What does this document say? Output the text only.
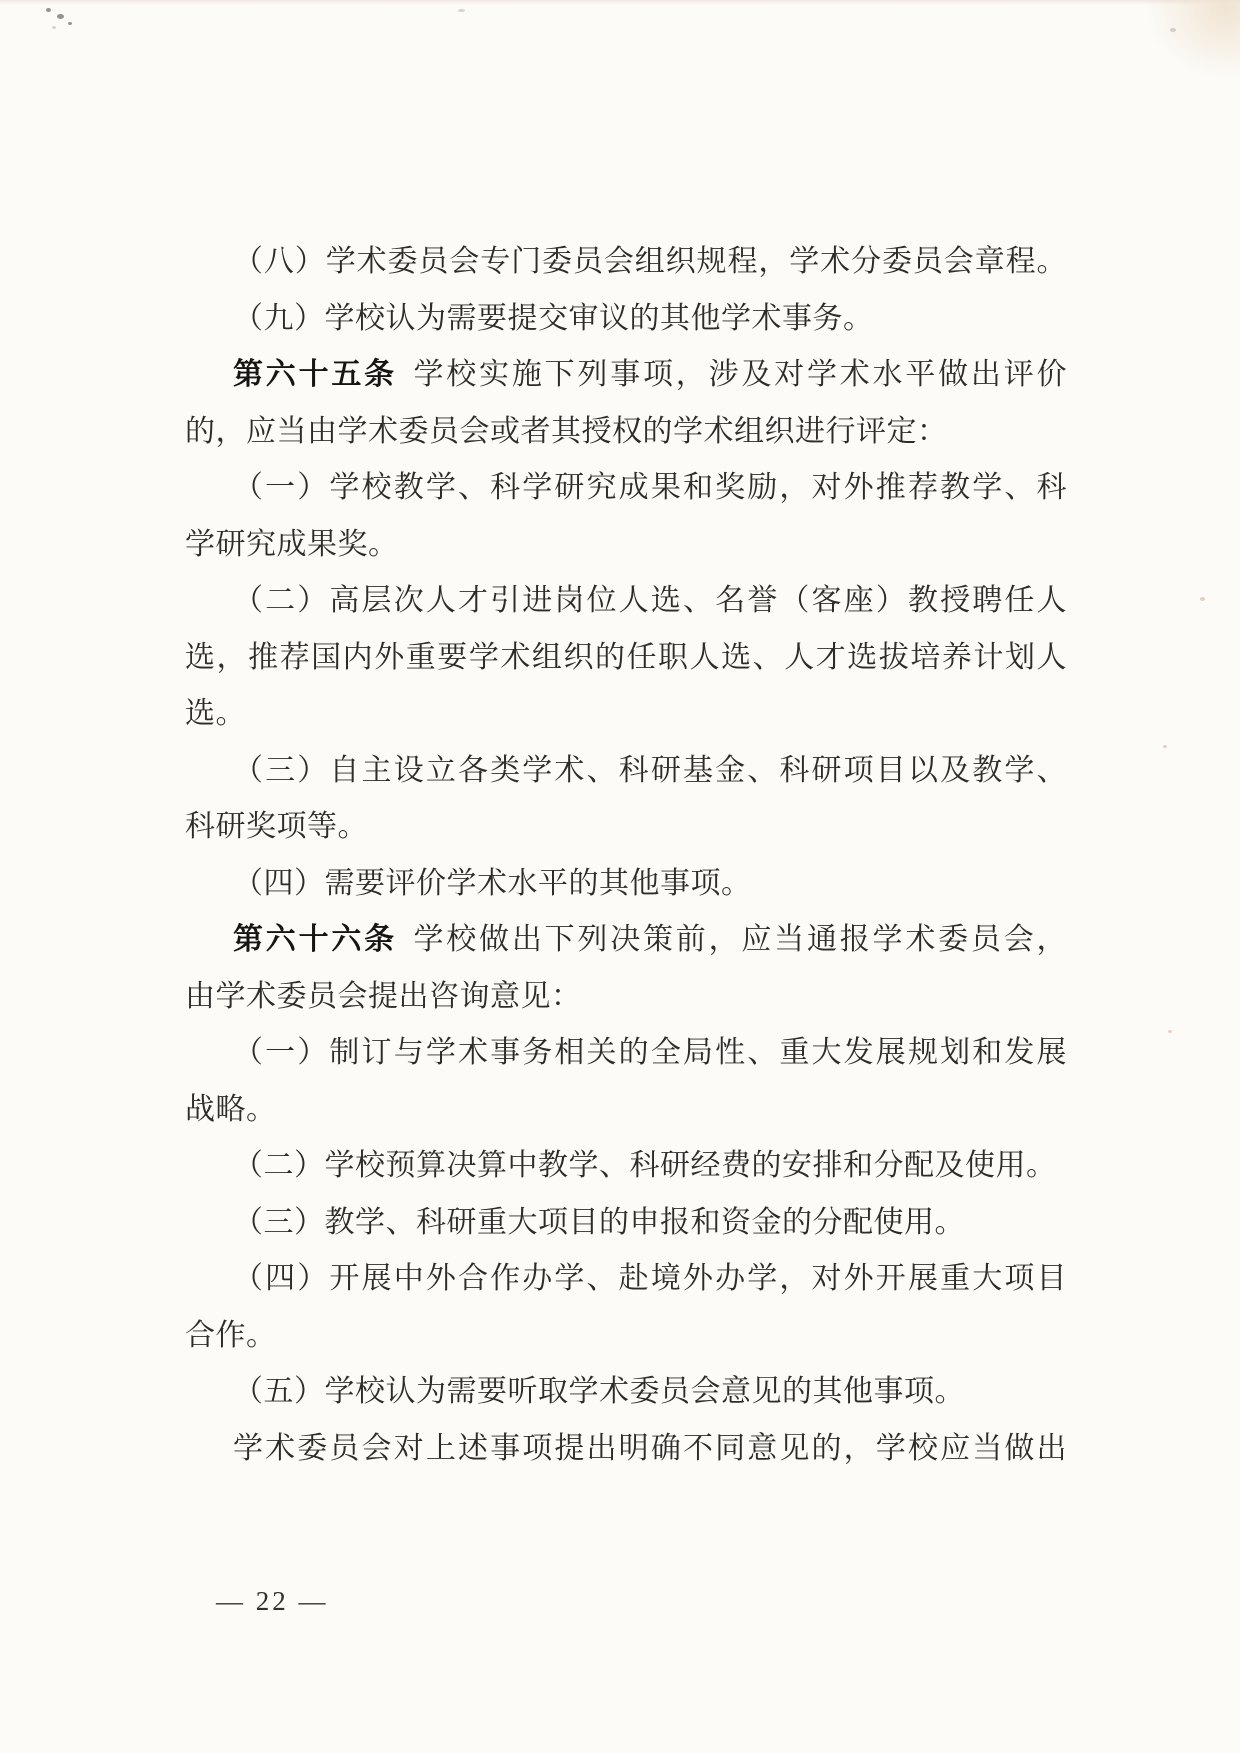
（八）学术委员会专门委员会组织规程，学术分委员会章程。
（九）学校认为需要提交审议的其他学术事务。
第六十五条 学校实施下列事项，涉及对学术水平做出评价
的，应当由学术委员会或者其授权的学术组织进行评定：
（一）学校教学、科学研究成果和奖励，对外推荐教学、科
学研究成果奖。
（二）高层次人才引进岗位人选、名誉（客座）教授聘任人
选，推荐国内外重要学术组织的任职人选、人才选拔培养计划人
选。
（三）自主设立各类学术、科研基金、科研项目以及教学、
科研奖项等。
（四）需要评价学术水平的其他事项。
第六十六条 学校做出下列决策前，应当通报学术委员会，
由学术委员会提出咨询意见：
（一）制订与学术事务相关的全局性、重大发展规划和发展
战略。
（二）学校预算决算中教学、科研经费的安排和分配及使用。
（三）教学、科研重大项目的申报和资金的分配使用。
（四）开展中外合作办学、赴境外办学，对外开展重大项目
合作。
（五）学校认为需要听取学术委员会意见的其他事项。
学术委员会对上述事项提出明确不同意见的，学校应当做出
— 22 —
